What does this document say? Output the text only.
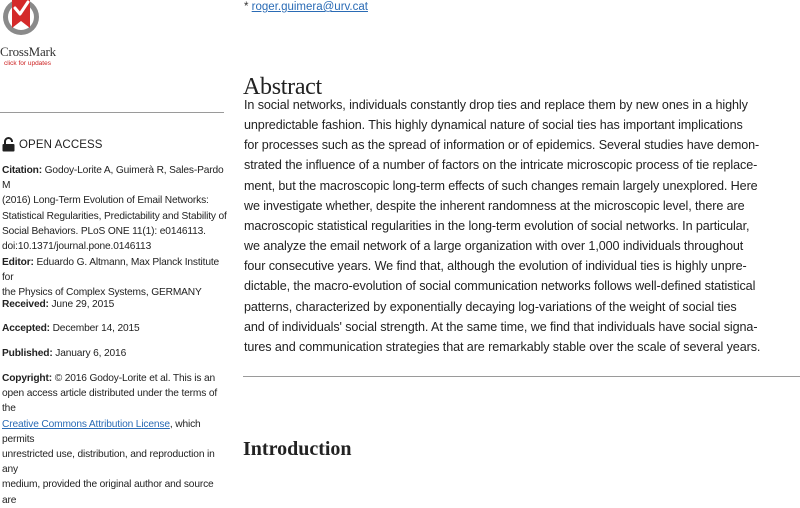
CrossMark
click for updates
OPEN ACCESS
Citation: Godoy-Lorite A, Guimerà R, Sales-Pardo M
(2016) Long-Term Evolution of Email Networks:
Statistical Regularities, Predictability and Stability of
Social Behaviors. PLoS ONE 11(1): e0146113.
doi:10.1371/journal.pone.0146113
Editor: Eduardo G. Altmann, Max Planck Institute for
the Physics of Complex Systems, GERMANY
Received: June 29, 2015
Accepted: December 14, 2015
Published: January 6, 2016
Copyright: © 2016 Godoy-Lorite et al. This is an
open access article distributed under the terms of the
Creative Commons Attribution License, which permits
unrestricted use, distribution, and reproduction in any
medium, provided the original author and source are
* roger.guimera@urv.cat
Abstract
In social networks, individuals constantly drop ties and replace them by new ones in a highly
unpredictable fashion. This highly dynamical nature of social ties has important implications
for processes such as the spread of information or of epidemics. Several studies have demon-
strated the influence of a number of factors on the intricate microscopic process of tie replace-
ment, but the macroscopic long-term effects of such changes remain largely unexplored. Here
we investigate whether, despite the inherent randomness at the microscopic level, there are
macroscopic statistical regularities in the long-term evolution of social networks. In particular,
we analyze the email network of a large organization with over 1,000 individuals throughout
four consecutive years. We find that, although the evolution of individual ties is highly unpre-
dictable, the macro-evolution of social communication networks follows well-defined statistical
patterns, characterized by exponentially decaying log-variations of the weight of social ties
and of individuals' social strength. At the same time, we find that individuals have social signa-
tures and communication strategies that are remarkably stable over the scale of several years.
Introduction
